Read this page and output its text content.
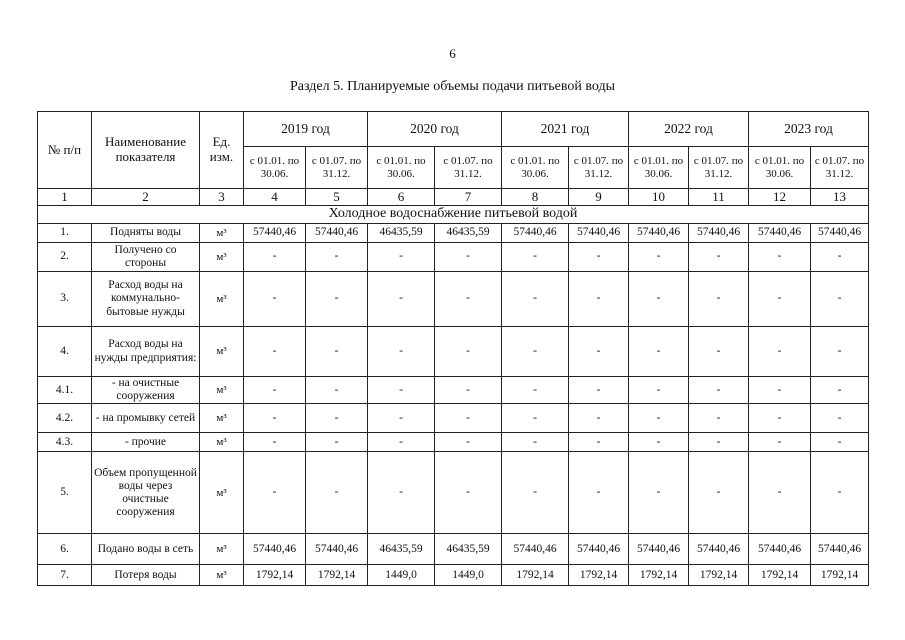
6
Раздел 5. Планируемые объемы подачи питьевой воды
№ п/п	Наименование показателя	Ед. изм.	2019 год		2020 год		2021 год		2022 год		2023 год	
			с 01.01. по 30.06.	с 01.07. по 31.12.	с 01.01. по 30.06.	с 01.07. по 31.12.	с 01.01. по 30.06.	с 01.07. по 31.12.	с 01.01. по 30.06.	с 01.07. по 31.12.	с 01.01. по 30.06.	с 01.07. по 31.12.
1	2	3	4	5	6	7	8	9	10	11	12	13
Холодное водоснабжение питьевой водой												
1.	Подняты воды	м³	57440,46	57440,46	46435,59	46435,59	57440,46	57440,46	57440,46	57440,46	57440,46	57440,46
2.	Получено со стороны	м³	-	-	-	-	-	-	-	-	-	-
3.	Расход воды на коммунально-бытовые нужды	м³	-	-	-	-	-	-	-	-	-	-
4.	Расход воды на нужды предприятия:	м³	-	-	-	-	-	-	-	-	-	-
4.1.	- на очистные сооружения	м³	-	-	-	-	-	-	-	-	-	-
4.2.	- на промывку сетей	м³	-	-	-	-	-	-	-	-	-	-
4.3.	- прочие	м³	-	-	-	-	-	-	-	-	-	-
5.	Объем пропущенной воды через очистные сооружения	м³	-	-	-	-	-	-	-	-	-	-
6.	Подано воды в сеть	м³	57440,46	57440,46	46435,59	46435,59	57440,46	57440,46	57440,46	57440,46	57440,46	57440,46
7.	Потеря воды	м³	1792,14	1792,14	1449,0	1449,0	1792,14	1792,14	1792,14	1792,14	1792,14	1792,14
